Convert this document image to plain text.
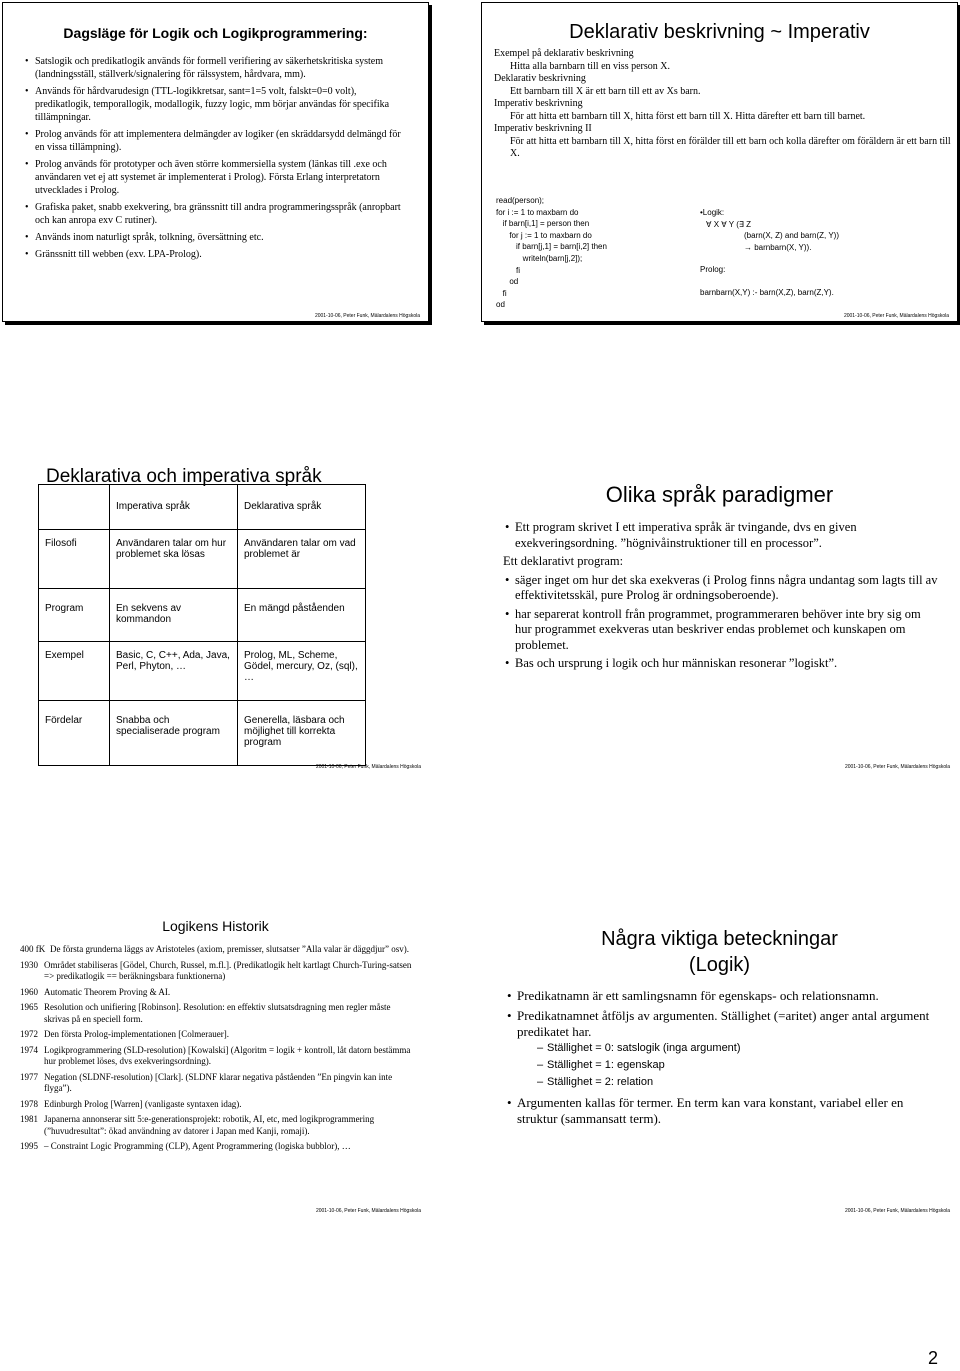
Dagsläge för Logik och Logikprogrammering:
• Satslogik och predikatlogik används för formell verifiering av säkerhetskritiska system (landningsställ, ställverk/signalering för rälssystem, hårdvara, mm).
• Används för hårdvarudesign (TTL-logikkretsar, sant=1=5 volt, falskt=0=0 volt), predikatlogik, temporallogik, modallogik, fuzzy logic, mm börjar användas för specifika tillämpningar.
• Prolog används för att implementera delmängder av logiker (en skräddarsydd delmängd för en vissa tillämpning).
• Prolog används för prototyper och även större kommersiella system (länkas till .exe och användaren vet ej att systemet är implementerat i Prolog). Första Erlang interpretatorn utvecklades i Prolog.
• Grafiska paket, snabb exekvering, bra gränssnitt till andra programmeringsspråk (anropbart och kan anropa exv C rutiner).
• Används inom naturligt språk, tolkning, översättning etc.
• Gränssnitt till webben (exv. LPA-Prolog).
2001-10-06, Peter Funk, Mälardalens Högskola
Deklarativ beskrivning ~ Imperativ
Exempel på deklarativ beskrivning
Hitta alla barnbarn till en viss person X.
Deklarativ beskrivning
Ett barnbarn till X är ett barn till ett av Xs barn.
Imperativ beskrivning
För att hitta ett barnbarn till X, hitta först ett barn till X. Hitta därefter ett barn till barnet.
Imperativ beskrivning II
För att hitta ett barnbarn till X, hitta först en förälder till ett barn och kolla därefter om föräldern är ett barn till X.
read(person);
for i := 1 to maxbarn do
if barn[i,1] = person then
for j := 1 to maxbarn do
if barn[j,1] = barn[i,2] then
writeln(barn[j,2]);
fi
od
fi
od
•Logik:
∀ X ∀ Y (∃ Z
(barn(X, Z) and barn(Z, Y))
→ barnbarn(X, Y)).
Prolog:
barnbarn(X,Y) :- barn(X,Z), barn(Z,Y).
2001-10-06, Peter Funk, Mälardalens Högskola
	Imperativa språk	Deklarativa språk
Filosofi	Användaren talar om hur problemet ska lösas	Användaren talar om vad problemet är
Program	En sekvens av kommandon	En mängd påståenden
Exempel	Basic, C, C++, Ada, Java, Perl, Phyton, …	Prolog, ML, Scheme, Gödel, mercury, Oz, (sql), …
Fördelar	Snabba och specialiserade program	Generella, läsbara och möjlighet till korrekta program
Deklarativa och imperativa språk
2001-10-06, Peter Funk, Mälardalens Högskola
Olika språk paradigmer
• Ett program skrivet I ett imperativa språk är tvingande, dvs en given exekveringsordning. ”högnivåinstruktioner till en processor”.
Ett deklarativt program:
• säger inget om hur det ska exekveras (i Prolog finns några undantag som lagts till av effektivitetsskäl, pure Prolog är ordningsoberoende).
• har separerat kontroll från programmet, programmeraren behöver inte bry sig om hur programmet exekveras utan beskriver endas problemet och kunskapen om problemet.
• Bas och ursprung i logik och hur människan resonerar ”logiskt”.
2001-10-06, Peter Funk, Mälardalens Högskola
Logikens Historik
400 fK De första grunderna läggs av Aristoteles (axiom, premisser, slutsatser ”Alla valar är däggdjur” osv).
1930 Området stabiliseras [Gödel, Church, Russel, m.fl.]. (Predikatlogik helt kartlagt Church-Turing-satsen => predikatlogik == beräkningsbara funktionerna)
1960 Automatic Theorem Proving & AI.
1965 Resolution och unifiering [Robinson]. Resolution: en effektiv slutsatsdragning men regler måste skrivas på en speciell form.
1972 Den första Prolog-implementationen [Colmerauer].
1974 Logikprogrammering (SLD-resolution) [Kowalski] (Algoritm = logik + kontroll, låt datorn bestämma hur problemet löses, dvs exekveringsordning).
1977 Negation (SLDNF-resolution) [Clark]. (SLDNF klarar negativa påståenden ”En pingvin kan inte flyga”).
1978 Edinburgh Prolog [Warren] (vanligaste syntaxen idag).
1981 Japanerna annonserar sitt 5:e-generationsprojekt: robotik, AI, etc, med logikprogrammering (”huvudresultat”: ökad användning av datorer i Japan med Kanji, romaji).
1995 – Constraint Logic Programming (CLP), Agent Programmering (logiska bubblor), …
2001-10-06, Peter Funk, Mälardalens Högskola
Några viktiga beteckningar
(Logik)
• Predikatnamn är ett samlingsnamn för egenskaps- och relationsnamn.
• Predikatnamnet åtföljs av argumenten. Ställighet (=aritet) anger antal argument predikatet har.
– Ställighet = 0: satslogik (inga argument)
– Ställighet = 1: egenskap
– Ställighet = 2: relation
• Argumenten kallas för termer. En term kan vara konstant, variabel eller en struktur (sammansatt term).
2001-10-06, Peter Funk, Mälardalens Högskola
2
